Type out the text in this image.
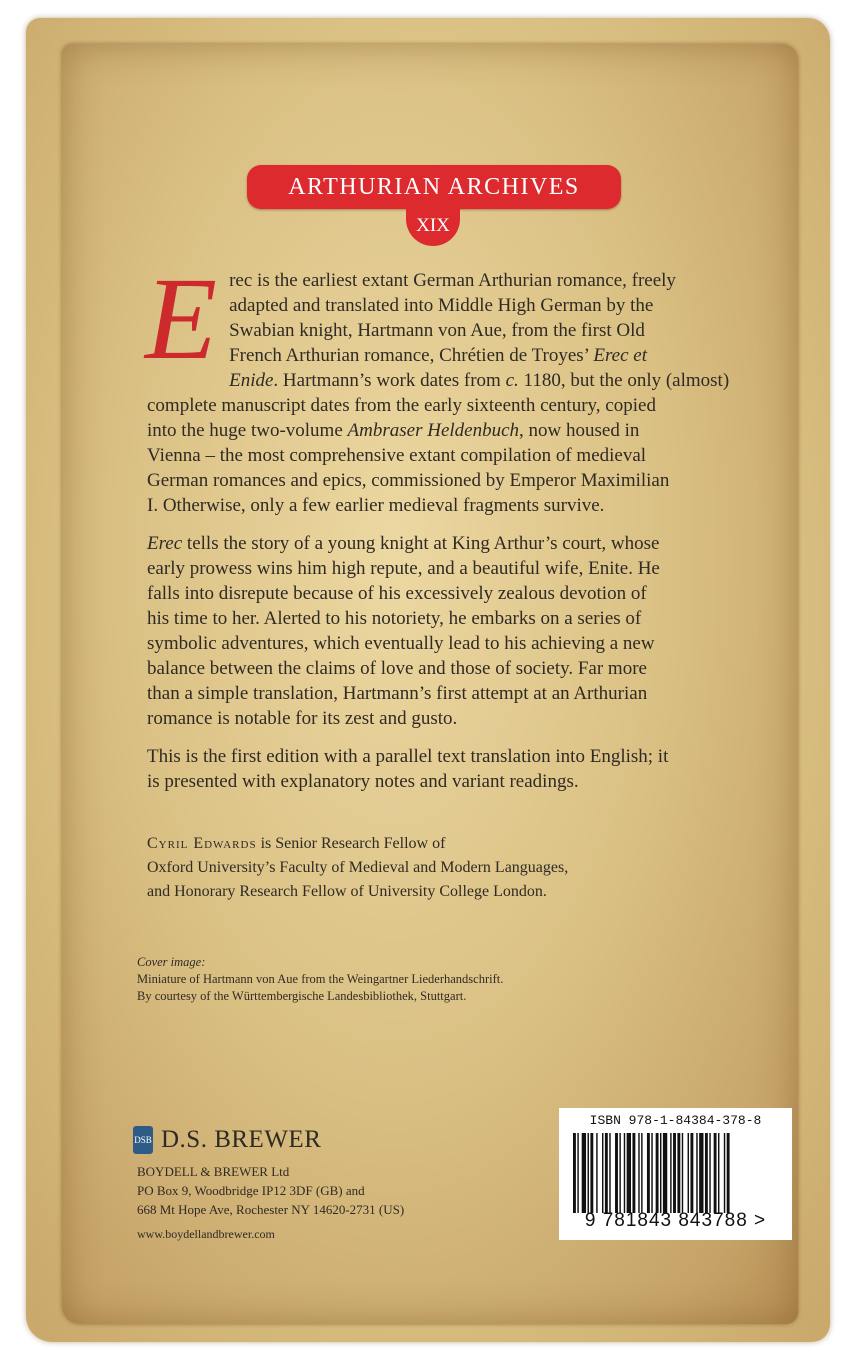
ARTHURIAN ARCHIVES
XIX
E rec is the earliest extant German Arthurian romance, freely
adapted and translated into Middle High German by the
Swabian knight, Hartmann von Aue, from the first Old
French Arthurian romance, Chrétien de Troyes’ Erec et
Enide. Hartmann’s work dates from c. 1180, but the only (almost)
complete manuscript dates from the early sixteenth century, copied
into the huge two-volume Ambraser Heldenbuch, now housed in
Vienna – the most comprehensive extant compilation of medieval
German romances and epics, commissioned by Emperor Maximilian
I. Otherwise, only a few earlier medieval fragments survive.
Erec tells the story of a young knight at King Arthur’s court, whose
early prowess wins him high repute, and a beautiful wife, Enite. He
falls into disrepute because of his excessively zealous devotion of
his time to her. Alerted to his notoriety, he embarks on a series of
symbolic adventures, which eventually lead to his achieving a new
balance between the claims of love and those of society. Far more
than a simple translation, Hartmann’s first attempt at an Arthurian
romance is notable for its zest and gusto.
This is the first edition with a parallel text translation into English; it
is presented with explanatory notes and variant readings.
Cyril Edwards is Senior Research Fellow of
Oxford University’s Faculty of Medieval and Modern Languages,
and Honorary Research Fellow of University College London.
Cover image:
Miniature of Hartmann von Aue from the Weingartner Liederhandschrift.
By courtesy of the Württembergische Landesbibliothek, Stuttgart.
DSB D.S. BREWER
BOYDELL & BREWER Ltd
PO Box 9, Woodbridge IP12 3DF (GB) and
668 Mt Hope Ave, Rochester NY 14620-2731 (US)
www.boydellandbrewer.com
ISBN 978-1-84384-378-8
9 781843 843788 >
